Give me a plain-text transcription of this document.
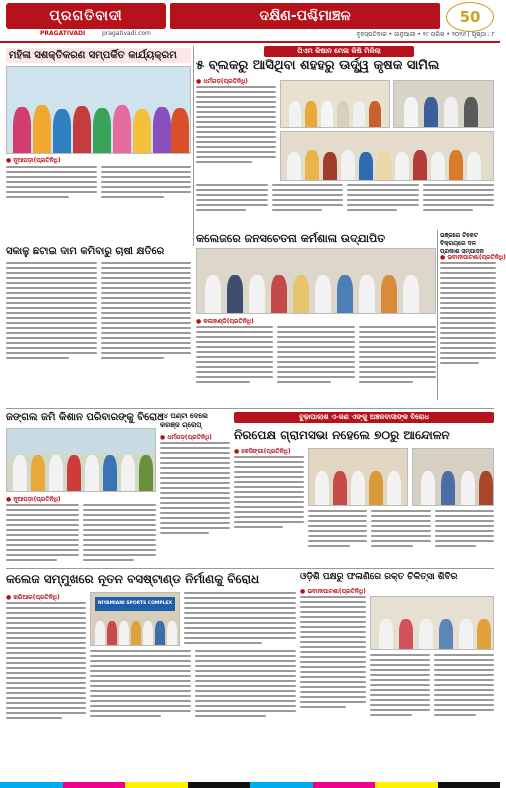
ପ୍ରଗତିବାଦୀ
PRAGATIVADI	pragativadi.com
ଦକ୍ଷିଣ-ପଶ୍ଚିମାଞ୍ଚଳ	50
ବୃହସ୍ପତିବାର • ଜାନୁଆରୀ • ୨୯ ତାରିଖ • ୨୦୨୬ | ପୃଷ୍ଠା : ୮
ମହିଳା ସଶକ୍ତିକରଣ ସମ୍ପର୍କିତ କାର୍ଯ୍ୟକ୍ରମ
● ନୂଆପଡ଼ା(ପ୍ରତିନିଧି)
ପିଏମ କିଷାନ ମେଳା କିଷି ମିଳିଲା
୫ ବ୍ଲକରୁ ଆସିଥିବା ଶହହରୁ ଊର୍ଦ୍ଧ୍ୱ କୃଷକ ସାମିଲ
● ଧର୍ମଗଡ଼(ପ୍ରତିନିଧି)
କଲେଜରେ ଜନସଚେତନା କର୍ମଶାଳା ଉଦ୍‌ଯାପିତ
● କଳାହାଣ୍ଡି(ପ୍ରତିନିଧି)
ସକାଳୁ ଛଟାଇ ଦାମ କମିବାରୁ ଚାଷୀ କ୍ଷତିରେ
ଭଞ୍ଜରେ ଟିକେଟ ବିକ୍ରୟରେ ଦଳ ପ୍ରକାଶ ସମ୍ପାଦନ
● ଭବାନୀପାଟଣା(ପ୍ରତିନିଧି)
ଜଙ୍ଗଲ ଜମି କିଶାନ ପରିବାରଙ୍କୁ ବିରୋଧ
● ନୂଆପଡ଼ା(ପ୍ରତିନିଧି)
୨୪ ଘଣ୍ଟା ଦେଲେ କରଞ୍ଜ ଗ୍ରେପ୍
● ଧର୍ମଗଡ଼(ପ୍ରତିନିଧି)
ବୁଢ଼ାପାଲାଶ ଏ-ଜଣ ଏଙ୍କୁ ଅଞ୍ଚଳବାସୀଙ୍କ ବିରୋଧ
ନିରପେକ୍ଷ ଗ୍ରାମସଭା ନହେଲେ ୭୦ରୁ ଆନ୍ଦୋଳନ
● କେସିଙ୍ଗା(ପ୍ରତିନିଧି)
କଲେଜ ସମ୍ମୁଖରେ ନୂତନ ବସଷ୍ଟାଣ୍ଡ ନିର୍ମାଣକୁ ବିରୋଧ
● ଖରିଆର(ପ୍ରତିନିଧି)
NIYAMIANI SPORTS COMPLEX
ଓଡ଼ିଶି ପକ୍ଷରୁ ଫଳାଣିରେ ରକ୍ତ ଚିକିତ୍ସା ଶିବିର
● ଭବାନୀପାଟଣା(ପ୍ରତିନିଧି)
